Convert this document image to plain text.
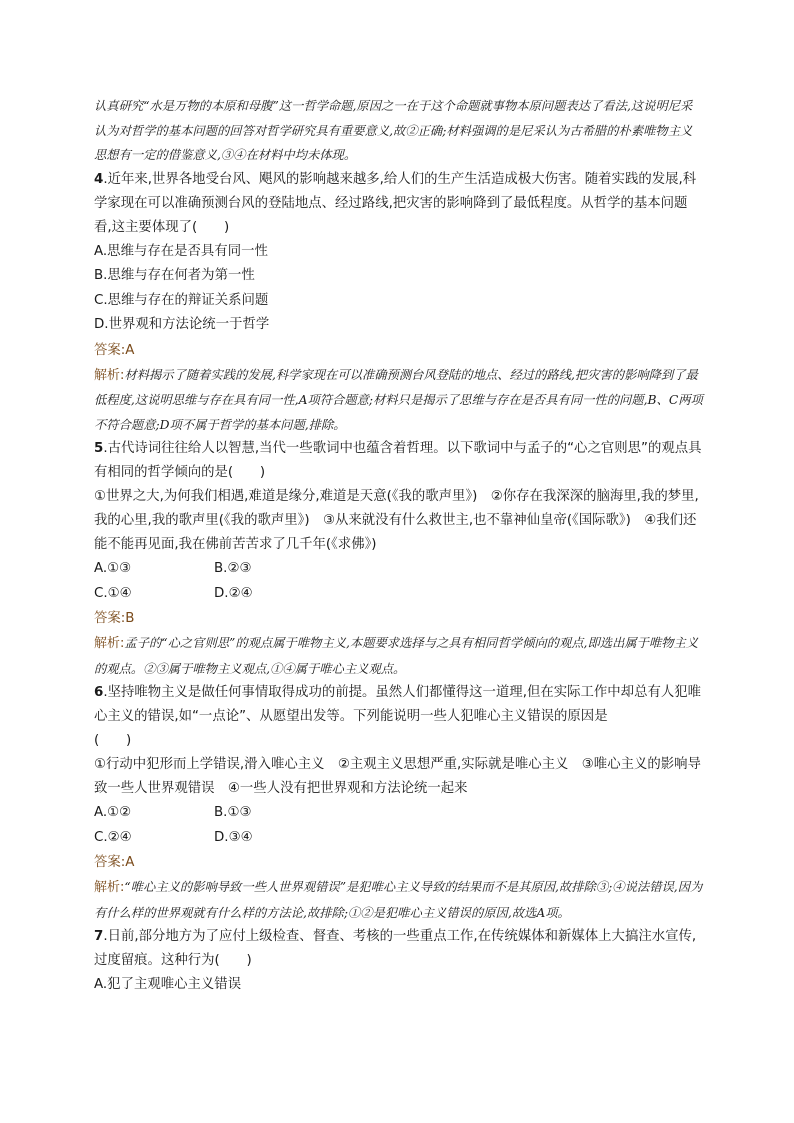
认真研究“水是万物的本原和母腹”这一哲学命题,原因之一在于这个命题就事物本原问题表达了看法,这说明尼采认为对哲学的基本问题的回答对哲学研究具有重要意义,故②正确;材料强调的是尼采认为古希腊的朴素唯物主义思想有一定的借鉴意义,③④在材料中均未体现。

4.近年来,世界各地受台风、飓风的影响越来越多,给人们的生产生活造成极大伤害。随着实践的发展,科学家现在可以准确预测台风的登陆地点、经过路线,把灾害的影响降到了最低程度。从哲学的基本问题看,这主要体现了(　　)

A.思维与存在是否具有同一性

B.思维与存在何者为第一性

C.思维与存在的辩证关系问题

D.世界观和方法论统一于哲学

答案:A

解析:材料揭示了随着实践的发展,科学家现在可以准确预测台风登陆的地点、经过的路线,把灾害的影响降到了最低程度,这说明思维与存在具有同一性,A项符合题意;材料只是揭示了思维与存在是否具有同一性的问题,B、C两项不符合题意;D项不属于哲学的基本问题,排除。

5.古代诗词往往给人以智慧,当代一些歌词中也蕴含着哲理。以下歌词中与孟子的“心之官则思”的观点具有相同的哲学倾向的是(　　)

①世界之大,为何我们相遇,难道是缘分,难道是天意(《我的歌声里》)　②你存在我深深的脑海里,我的梦里,我的心里,我的歌声里(《我的歌声里》)　③从来就没有什么救世主,也不靠神仙皇帝(《国际歌》)　④我们还能不能再见面,我在佛前苦苦求了几千年(《求佛》)

A.①③	B.②③
C.①④	D.②④

答案:B

解析:孟子的“心之官则思”的观点属于唯物主义,本题要求选择与之具有相同哲学倾向的观点,即选出属于唯物主义的观点。②③属于唯物主义观点,①④属于唯心主义观点。

6.坚持唯物主义是做任何事情取得成功的前提。虽然人们都懂得这一道理,但在实际工作中却总有人犯唯心主义的错误,如“一点论”、从愿望出发等。下列能说明一些人犯唯心主义错误的原因是

(　　)

①行动中犯形而上学错误,滑入唯心主义　②主观主义思想严重,实际就是唯心主义　③唯心主义的影响导致一些人世界观错误　④一些人没有把世界观和方法论统一起来

A.①②	B.①③
C.②④	D.③④

答案:A

解析:“唯心主义的影响导致一些人世界观错误”是犯唯心主义导致的结果而不是其原因,故排除③;④说法错误,因为有什么样的世界观就有什么样的方法论,故排除;①②是犯唯心主义错误的原因,故选A项。

7.日前,部分地方为了应付上级检查、督查、考核的一些重点工作,在传统媒体和新媒体上大搞注水宣传,过度留痕。这种行为(　　)

A.犯了主观唯心主义错误
